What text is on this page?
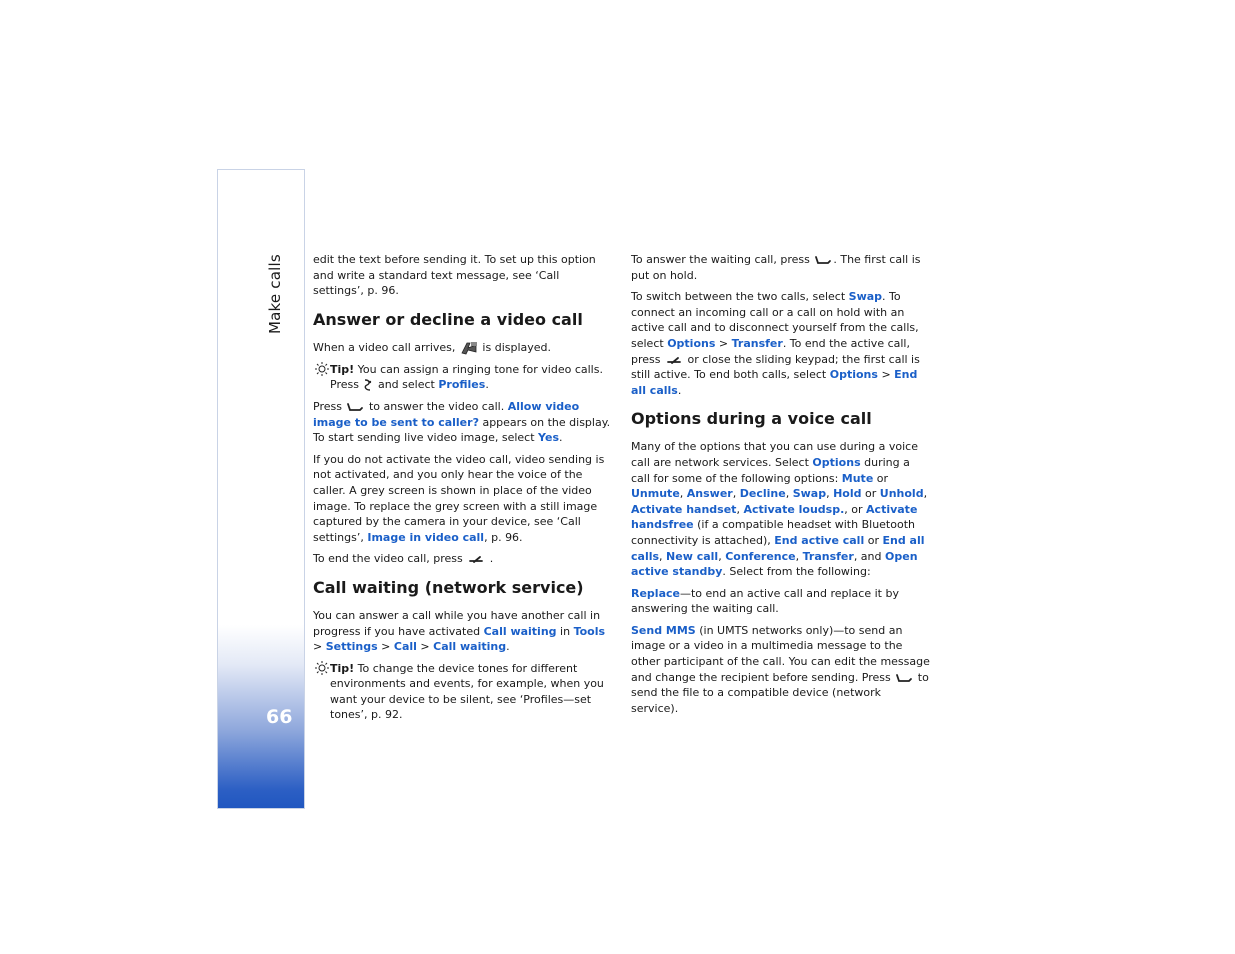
Make calls
66

edit the text before sending it. To set up this option and write a standard text message, see ‘Call settings’, p. 96.

Answer or decline a video call

When a video call arrives, is displayed.

Tip! You can assign a ringing tone for video calls. Press and select Profiles.

Press to answer the video call. Allow video image to be sent to caller? appears on the display. To start sending live video image, select Yes.

If you do not activate the video call, video sending is not activated, and you only hear the voice of the caller. A grey screen is shown in place of the video image. To replace the grey screen with a still image captured by the camera in your device, see ‘Call settings’, Image in video call, p. 96.

To end the video call, press .

Call waiting (network service)

You can answer a call while you have another call in progress if you have activated Call waiting in Tools > Settings > Call > Call waiting.

Tip! To change the device tones for different environments and events, for example, when you want your device to be silent, see ‘Profiles—set tones’, p. 92.

To answer the waiting call, press . The first call is put on hold.

To switch between the two calls, select Swap. To connect an incoming call or a call on hold with an active call and to disconnect yourself from the calls, select Options > Transfer. To end the active call, press or close the sliding keypad; the first call is still active. To end both calls, select Options > End all calls.

Options during a voice call

Many of the options that you can use during a voice call are network services. Select Options during a call for some of the following options: Mute or Unmute, Answer, Decline, Swap, Hold or Unhold, Activate handset, Activate loudsp., or Activate handsfree (if a compatible headset with Bluetooth connectivity is attached), End active call or End all calls, New call, Conference, Transfer, and Open active standby. Select from the following:

Replace—to end an active call and replace it by answering the waiting call.

Send MMS (in UMTS networks only)—to send an image or a video in a multimedia message to the other participant of the call. You can edit the message and change the recipient before sending. Press to send the file to a compatible device (network service).
